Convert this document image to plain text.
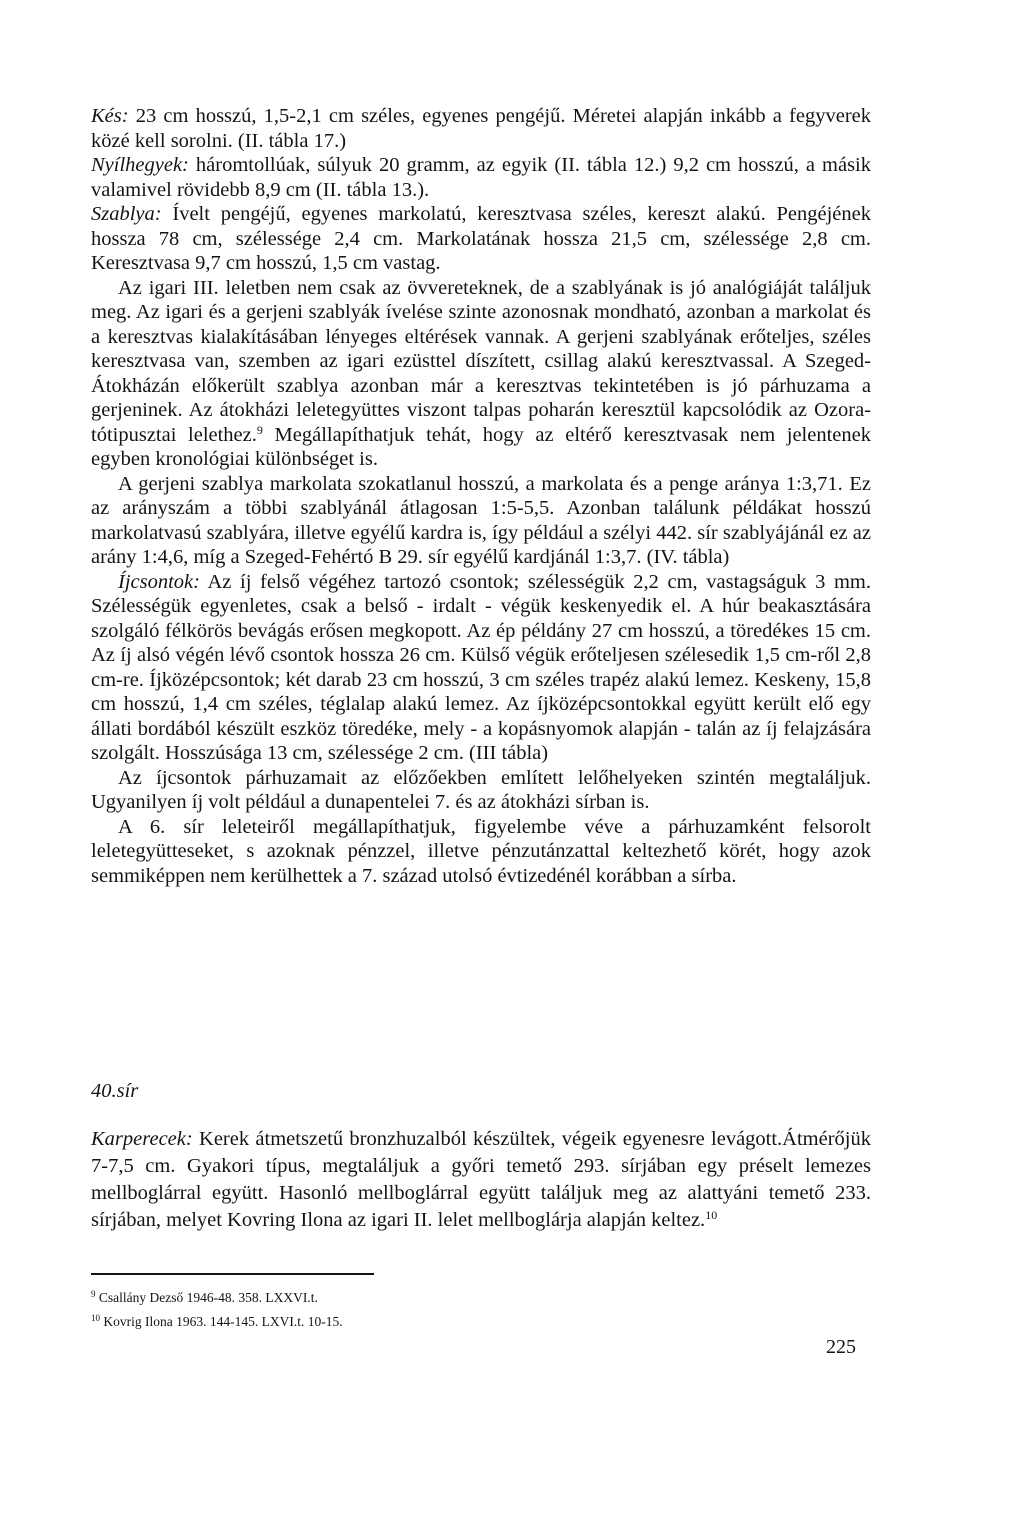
Kés: 23 cm hosszú, 1,5-2,1 cm széles, egyenes pengéjű. Méretei alapján inkább a fegyverek közé kell sorolni. (II. tábla 17.)

Nyílhegyek: háromtollúak, súlyuk 20 gramm, az egyik (II. tábla 12.) 9,2 cm hosszú, a másik valamivel rövidebb 8,9 cm (II. tábla 13.).

Szablya: Ívelt pengéjű, egyenes markolatú, keresztvasa széles, kereszt alakú. Pengéjének hossza 78 cm, szélessége 2,4 cm. Markolatának hossza 21,5 cm, szélessége 2,8 cm. Keresztvasa 9,7 cm hosszú, 1,5 cm vastag.

Az igari III. leletben nem csak az övvereteknek, de a szablyának is jó analógiáját találjuk meg. Az igari és a gerjeni szablyák ívelése szinte azonosnak mondható, azonban a markolat és a keresztvas kialakításában lényeges eltérések vannak. A gerjeni szablyának erőteljes, széles keresztvasa van, szemben az igari ezüsttel díszített, csillag alakú keresztvassal. A Szeged-Átokházán előkerült szablya azonban már a keresztvas tekintetében is jó párhuzama a gerjeninek. Az átokházi leletegyüttes viszont talpas poharán keresztül kapcsolódik az Ozora-tótipusztai lelethez.$^9$ Megállapíthatjuk tehát, hogy az eltérő keresztvasak nem jelentenek egyben kronológiai különbséget is.

A gerjeni szablya markolata szokatlanul hosszú, a markolata és a penge aránya 1:3,71. Ez az arányszám a többi szablyánál átlagosan 1:5-5,5. Azonban találunk példákat hosszú markolatvasú szablyára, illetve egyélű kardra is, így például a szélyi 442. sír szablyájánál ez az arány 1:4,6, míg a Szeged-Fehértó B 29. sír egyélű kardjánál 1:3,7. (IV. tábla)

Íjcsontok: Az íj felső végéhez tartozó csontok; szélességük 2,2 cm, vastagságuk 3 mm. Szélességük egyenletes, csak a belső - irdalt - végük keskenyedik el. A húr beakasztására szolgáló félkörös bevágás erősen megkopott. Az ép példány 27 cm hosszú, a töredékes 15 cm. Az íj alsó végén lévő csontok hossza 26 cm. Külső végük erőteljesen szélesedik 1,5 cm-ről 2,8 cm-re. Íjközépcsontok; két darab 23 cm hosszú, 3 cm széles trapéz alakú lemez. Keskeny, 15,8 cm hosszú, 1,4 cm széles, téglalap alakú lemez. Az íjközépcsontokkal együtt került elő egy állati bordából készült eszköz töredéke, mely - a kopásnyomok alapján - talán az íj felajzására szolgált. Hosszúsága 13 cm, szélessége 2 cm. (III tábla)

Az íjcsontok párhuzamait az előzőekben említett lelőhelyeken szintén megtaláljuk. Ugyanilyen íj volt például a dunapentelei 7. és az átokházi sírban is.

A 6. sír leleteiről megállapíthatjuk, figyelembe véve a párhuzamként felsorolt leletegyütteseket, s azoknak pénzzel, illetve pénzutánzattal keltezhető körét, hogy azok semmiképpen nem kerülhettek a 7. század utolsó évtizedénél korábban a sírba.

40.sír

Karperecek: Kerek átmetszetű bronzhuzalból készültek, végeik egyenesre levágott.Átmérőjük 7-7,5 cm. Gyakori típus, megtaláljuk a győri temető 293. sírjában egy préselt lemezes mellboglárral együtt. Hasonló mellboglárral együtt találjuk meg az alattyáni temető 233. sírjában, melyet Kovring Ilona az igari II. lelet mellboglárja alapján keltez.$^{10}$

$^9$ Csallány Dezső 1946-48. 358. LXXVI.t.

$^{10}$ Kovrig Ilona 1963. 144-145. LXVI.t. 10-15.

225
